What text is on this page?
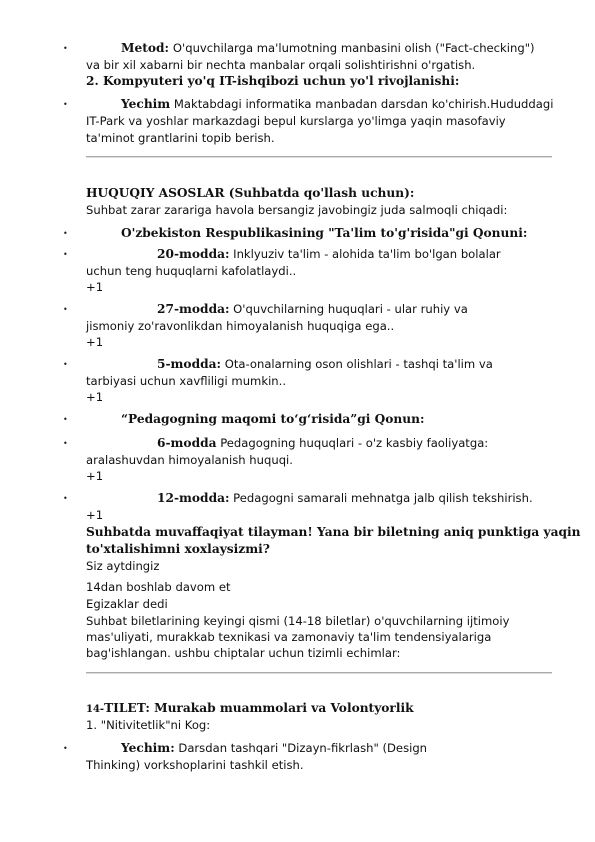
•	Metod: O'quvchilarga ma'lumotning manbasini olish ("Fact-checking")
va bir xil xabarni bir nechta manbalar orqali solishtirishni o'rgatish.
2. Kompyuteri yo'q IT-ishqibozi uchun yo'l rivojlanishi:
•	Yechim Maktabdagi informatika manbadan darsdan ko'chirish.Hududdagi
IT-Park va yoshlar markazdagi bepul kurslarga yo'limga yaqin masofaviy
ta'minot grantlarini topib berish.
HUQUQIY ASOSLAR (Suhbatda qo'llash uchun):
Suhbat zarar zarariga havola bersangiz javobingiz juda salmoqli chiqadi:
•	O'zbekiston Respublikasining "Ta'lim to'g'risida"gi Qonuni:
•	20-modda: Inklyuziv ta'lim - alohida ta'lim bo'lgan bolalar
uchun teng huquqlarni kafolatlaydi..
+1
•	27-modda: O'quvchilarning huquqlari - ular ruhiy va
jismoniy zo'ravonlikdan himoyalanish huquqiga ega..
+1
•	5-modda: Ota-onalarning oson olishlari - tashqi ta'lim va
tarbiyasi uchun xavfliligi mumkin..
+1
•	“Pedagogning maqomi to‘g‘risida”gi Qonun:
•	6-modda Pedagogning huquqlari - o'z kasbiy faoliyatga:
aralashuvdan himoyalanish huquqi.
+1
•	12-modda: Pedagogni samarali mehnatga jalb qilish tekshirish.
+1
Suhbatda muvaffaqiyat tilayman! Yana bir biletning aniq punktiga yaqin
to'xtalishimni xoxlaysizmi?
Siz aytdingiz
14dan boshlab davom et
Egizaklar dedi
Suhbat biletlarining keyingi qismi (14-18 biletlar) o'quvchilarning ijtimoiy
mas'uliyati, murakkab texnikasi va zamonaviy ta'lim tendensiyalariga
bag'ishlangan. ushbu chiptalar uchun tizimli echimlar:
14-TILET: Murakab muammolari va Volontyorlik
1. "Nitivitetlik"ni Kog:
•	Yechim: Darsdan tashqari "Dizayn-fikrlash" (Design
Thinking) vorkshoplarini tashkil etish.
